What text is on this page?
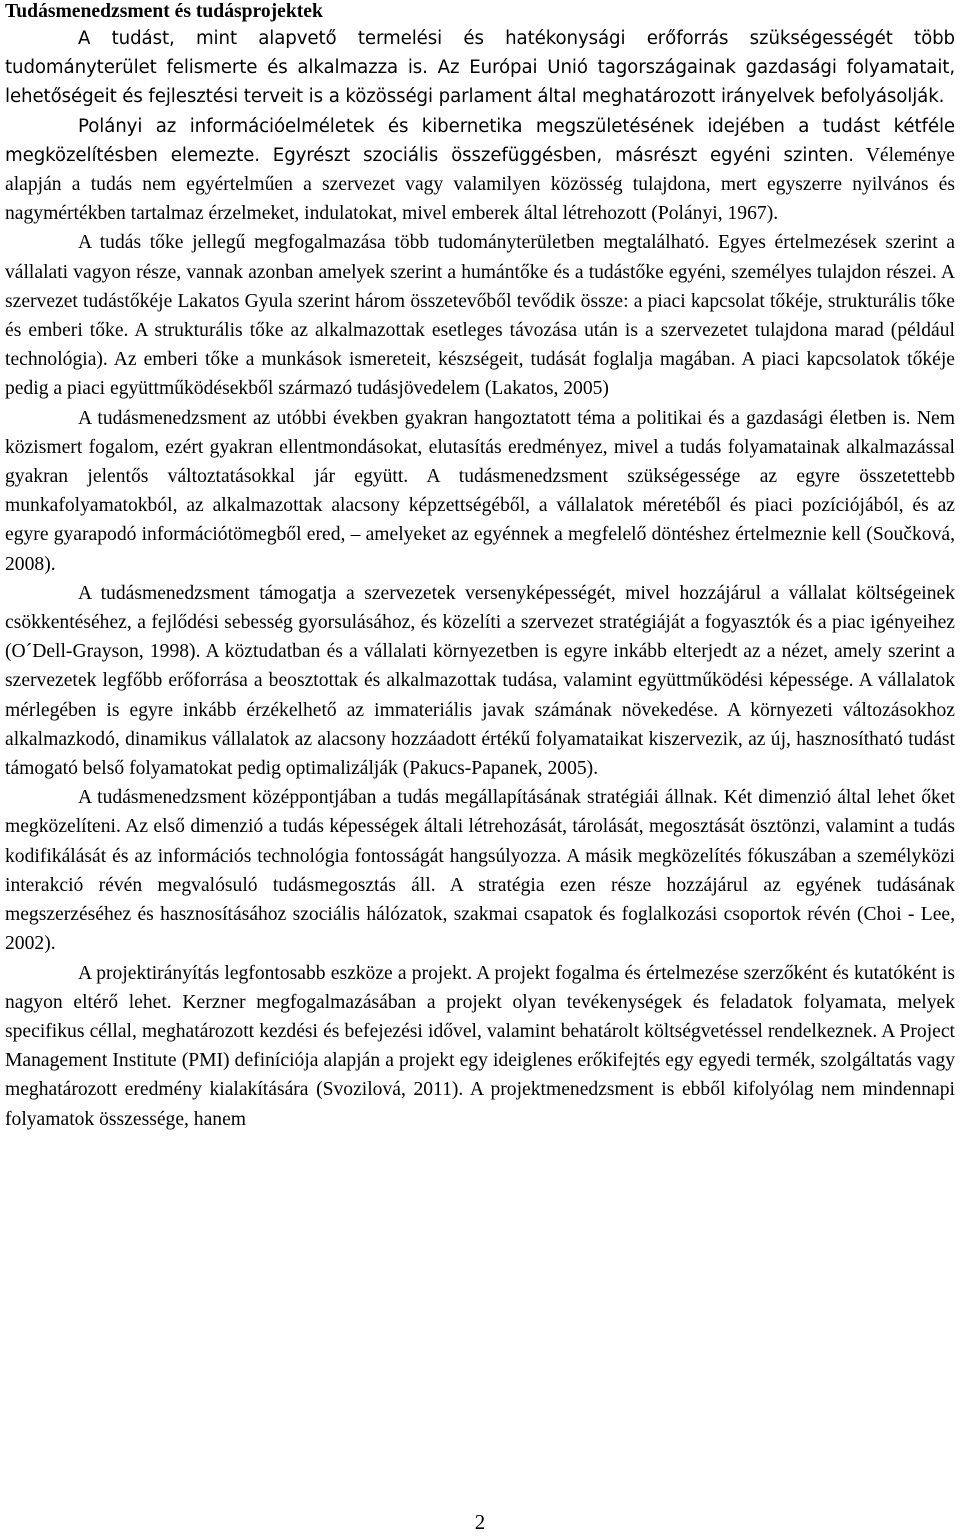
Tudásmenedzsment és tudásprojektek

A tudást, mint alapvető termelési és hatékonysági erőforrás szükségességét több tudományterület felismerte és alkalmazza is. Az Európai Unió tagországainak gazdasági folyamatait, lehetőségeit és fejlesztési terveit is a közösségi parlament által meghatározott irányelvek befolyásolják.

Polányi az információelméletek és kibernetika megszületésének idejében a tudást kétféle megközelítésben elemezte. Egyrészt szociális összefüggésben, másrészt egyéni szinten. Véleménye alapján a tudás nem egyértelműen a szervezet vagy valamilyen közösség tulajdona, mert egyszerre nyilvános és nagymértékben tartalmaz érzelmeket, indulatokat, mivel emberek által létrehozott (Polányi, 1967).

A tudás tőke jellegű megfogalmazása több tudományterületben megtalálható. Egyes értelmezések szerint a vállalati vagyon része, vannak azonban amelyek szerint a humántőke és a tudástőke egyéni, személyes tulajdon részei. A szervezet tudástőkéje Lakatos Gyula szerint három összetevőből tevődik össze: a piaci kapcsolat tőkéje, strukturális tőke és emberi tőke. A strukturális tőke az alkalmazottak esetleges távozása után is a szervezetet tulajdona marad (például technológia). Az emberi tőke a munkások ismereteit, készségeit, tudását foglalja magában. A piaci kapcsolatok tőkéje pedig a piaci együttműködésekből származó tudásjövedelem (Lakatos, 2005)

A tudásmenedzsment az utóbbi években gyakran hangoztatott téma a politikai és a gazdasági életben is. Nem közismert fogalom, ezért gyakran ellentmondásokat, elutasítás eredményez, mivel a tudás folyamatainak alkalmazással gyakran jelentős változtatásokkal jár együtt. A tudásmenedzsment szükségessége az egyre összetettebb munkafolyamatokból, az alkalmazottak alacsony képzettségéből, a vállalatok méretéből és piaci pozíciójából, és az egyre gyarapodó információtömegből ered, – amelyeket az egyénnek a megfelelő döntéshez értelmeznie kell (Součková, 2008).

A tudásmenedzsment támogatja a szervezetek versenyképességét, mivel hozzájárul a vállalat költségeinek csökkentéséhez, a fejlődési sebesség gyorsulásához, és közelíti a szervezet stratégiáját a fogyasztók és a piac igényeihez (O´Dell-Grayson, 1998). A köztudatban és a vállalati környezetben is egyre inkább elterjedt az a nézet, amely szerint a szervezetek legfőbb erőforrása a beosztottak és alkalmazottak tudása, valamint együttműködési képessége. A vállalatok mérlegében is egyre inkább érzékelhető az immateriális javak számának növekedése. A környezeti változásokhoz alkalmazkodó, dinamikus vállalatok az alacsony hozzáadott értékű folyamataikat kiszervezik, az új, hasznosítható tudást támogató belső folyamatokat pedig optimalizálják (Pakucs-Papanek, 2005).

A tudásmenedzsment középpontjában a tudás megállapításának stratégiái állnak. Két dimenzió által lehet őket megközelíteni. Az első dimenzió a tudás képességek általi létrehozását, tárolását, megosztását ösztönzi, valamint a tudás kodifikálását és az információs technológia fontosságát hangsúlyozza. A másik megközelítés fókuszában a személyközi interakció révén megvalósuló tudásmegosztás áll. A stratégia ezen része hozzájárul az egyének tudásának megszerzéséhez és hasznosításához szociális hálózatok, szakmai csapatok és foglalkozási csoportok révén (Choi - Lee, 2002).

A projektirányítás legfontosabb eszköze a projekt. A projekt fogalma és értelmezése szerzőként és kutatóként is nagyon eltérő lehet. Kerzner megfogalmazásában a projekt olyan tevékenységek és feladatok folyamata, melyek specifikus céllal, meghatározott kezdési és befejezési idővel, valamint behatárolt költségvetéssel rendelkeznek. A Project Management Institute (PMI) definíciója alapján a projekt egy ideiglenes erőkifejtés egy egyedi termék, szolgáltatás vagy meghatározott eredmény kialakítására (Svozilová, 2011). A projektmenedzsment is ebből kifolyólag nem mindennapi folyamatok összessége, hanem

2
